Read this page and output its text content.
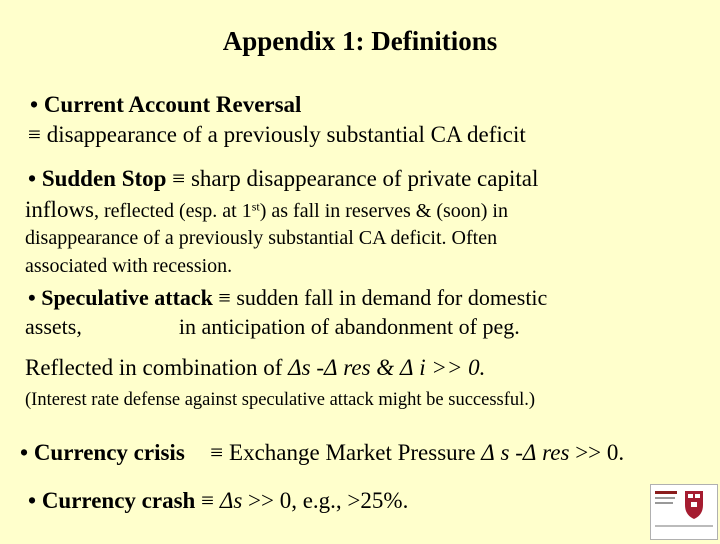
Appendix 1: Definitions
• Current Account Reversal
≡ disappearance of a previously substantial CA deficit
• Sudden Stop ≡ sharp disappearance of private capital
inflows, reflected (esp. at 1st) as fall in reserves & (soon) in
disappearance of a previously substantial CA deficit. Often
associated with recession.
• Speculative attack ≡ sudden fall in demand for domestic
assets,	in anticipation of abandonment of peg.
Reflected in combination of Δs -Δ res & Δ i >> 0.
(Interest rate defense against speculative attack might be successful.)
• Currency crisis ≡ Exchange Market Pressure Δ s -Δ res >> 0.
• Currency crash ≡ Δs >> 0, e.g., >25%.
